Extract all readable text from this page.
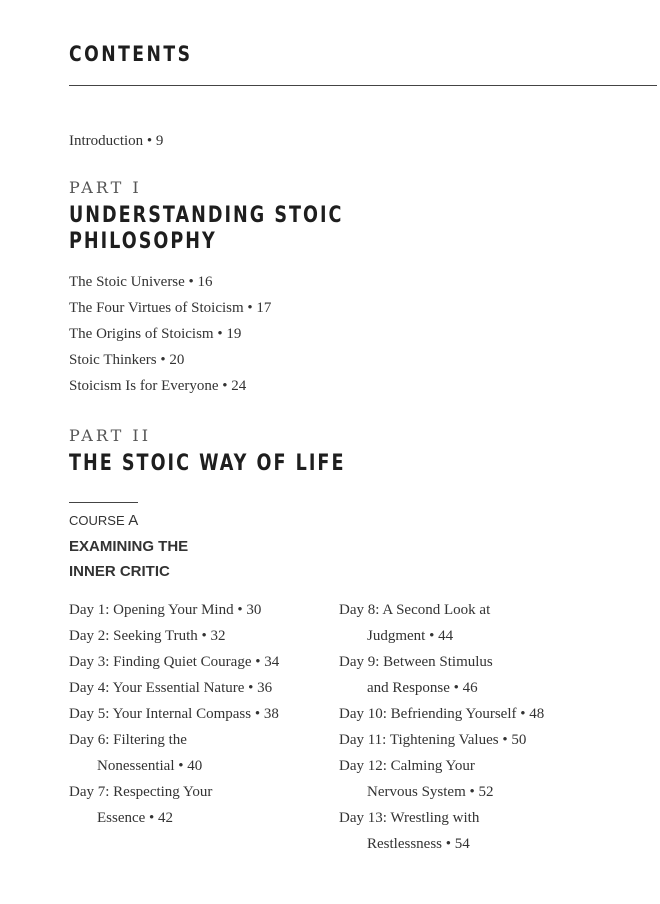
CONTENTS
Introduction • 9
PART I
UNDERSTANDING STOIC
PHILOSOPHY
The Stoic Universe • 16
The Four Virtues of Stoicism • 17
The Origins of Stoicism • 19
Stoic Thinkers • 20
Stoicism Is for Everyone • 24
PART II
THE STOIC WAY OF LIFE
COURSE A
EXAMINING THE
INNER CRITIC
Day 1: Opening Your Mind • 30
Day 2: Seeking Truth • 32
Day 3: Finding Quiet Courage • 34
Day 4: Your Essential Nature • 36
Day 5: Your Internal Compass • 38
Day 6: Filtering the
Nonessential • 40
Day 7: Respecting Your
Essence • 42
Day 8: A Second Look at
Judgment • 44
Day 9: Between Stimulus
and Response • 46
Day 10: Befriending Yourself • 48
Day 11: Tightening Values • 50
Day 12: Calming Your
Nervous System • 52
Day 13: Wrestling with
Restlessness • 54
